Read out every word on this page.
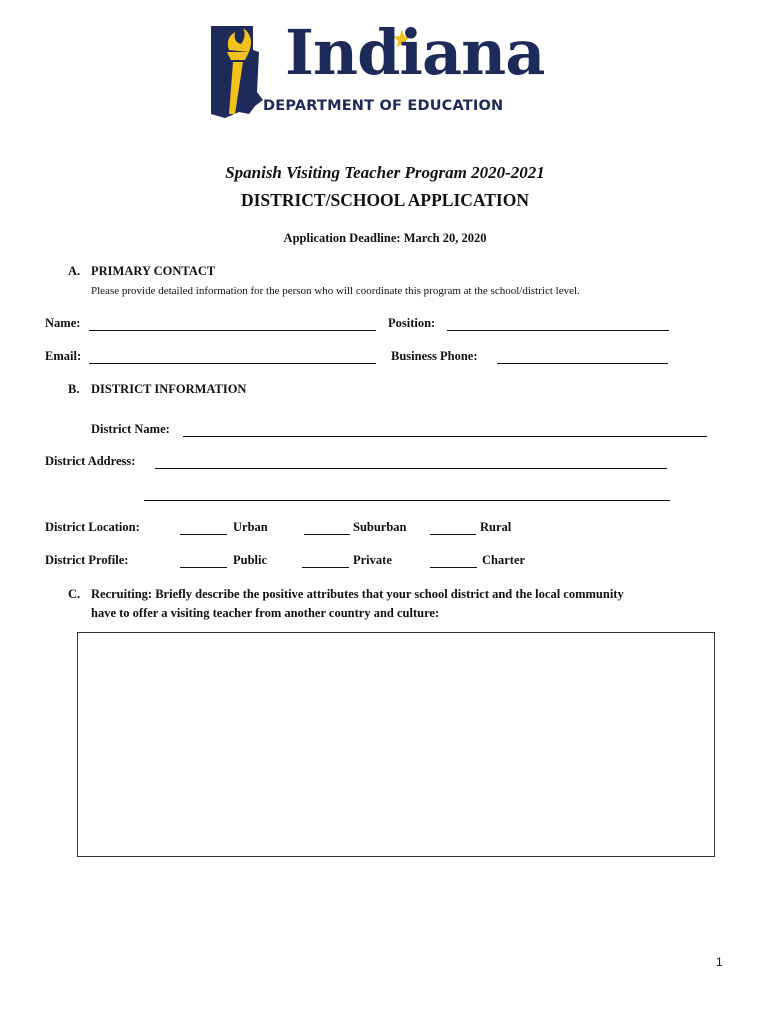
Indiana
DEPARTMENT OF EDUCATION
Spanish Visiting Teacher Program 2020-2021
DISTRICT/SCHOOL APPLICATION
Application Deadline: March 20, 2020
A. PRIMARY CONTACT
Please provide detailed information for the person who will coordinate this program at the school/district level.
Name:	Position:
Email:	Business Phone:
B. DISTRICT INFORMATION
District Name:
District Address:
District Location:	Urban	Suburban	Rural
District Profile:	Public	Private	Charter
C. Recruiting: Briefly describe the positive attributes that your school district and the local community
have to offer a visiting teacher from another country and culture:
1
